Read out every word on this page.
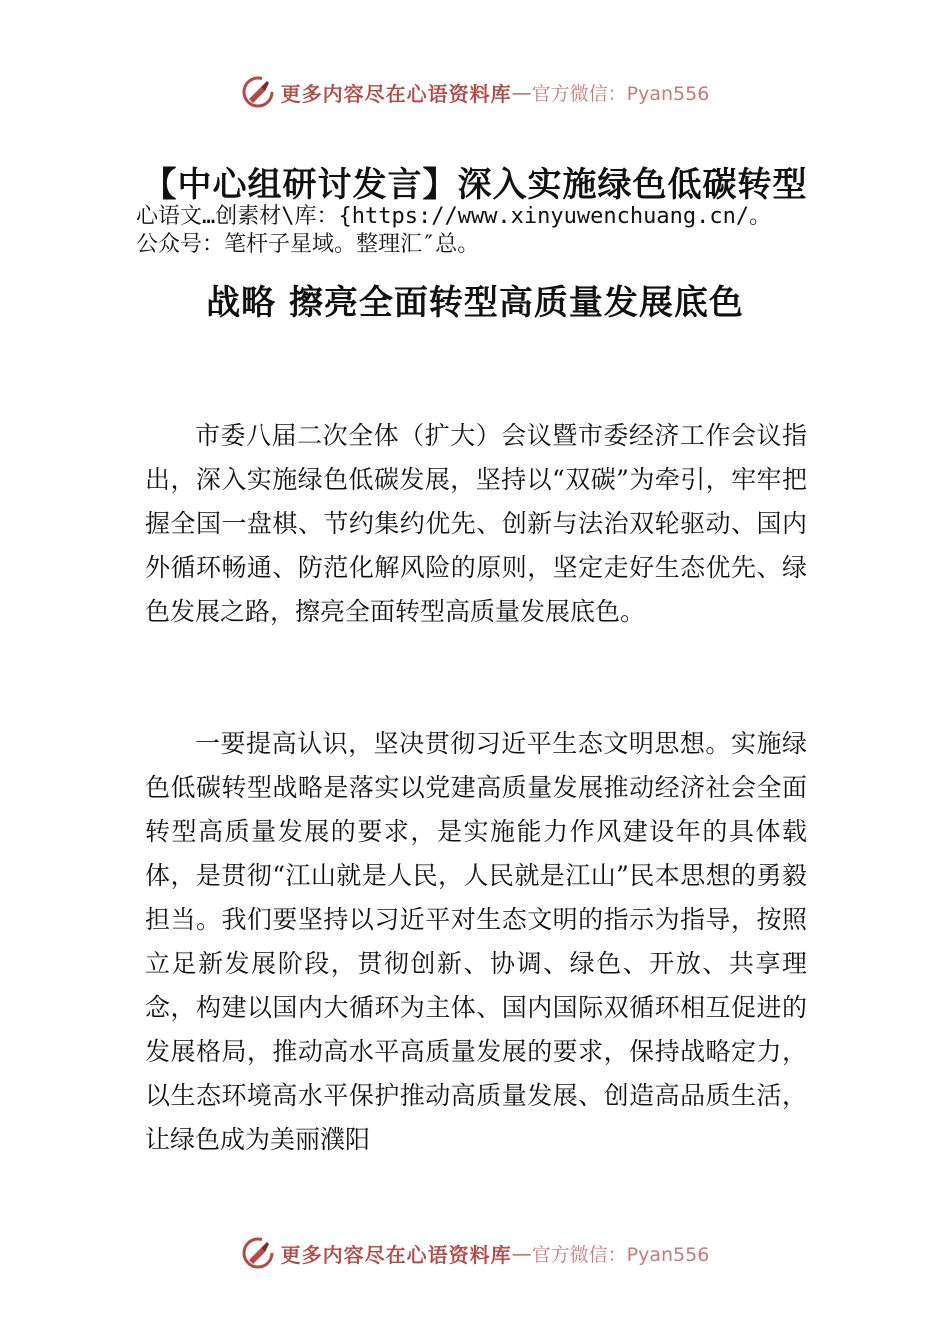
更多内容尽在心语资料库 — 官方微信：Pyan556
【中心组研讨发言】深入实施绿色低碳转型
心语文…创素材\库：{https://www.xinyuwenchuang.cn/。
公众号：笔杆子星域。整理汇″总。
战略 擦亮全面转型高质量发展底色

市委八届二次全体（扩大）会议暨市委经济工作会议指出，深入实施绿色低碳发展，坚持以“双碳”为牵引，牢牢把握全国一盘棋、节约集约优先、创新与法治双轮驱动、国内外循环畅通、防范化解风险的原则，坚定走好生态优先、绿色发展之路，擦亮全面转型高质量发展底色。

一要提高认识，坚决贯彻习近平生态文明思想。实施绿色低碳转型战略是落实以党建高质量发展推动经济社会全面转型高质量发展的要求，是实施能力作风建设年的具体载体，是贯彻“江山就是人民，人民就是江山”民本思想的勇毅担当。我们要坚持以习近平对生态文明的指示为指导，按照立足新发展阶段，贯彻创新、协调、绿色、开放、共享理念，构建以国内大循环为主体、国内国际双循环相互促进的发展格局，推动高水平高质量发展的要求，保持战略定力，以生态环境高水平保护推动高质量发展、创造高品质生活，让绿色成为美丽濮阳

更多内容尽在心语资料库 — 官方微信：Pyan556
